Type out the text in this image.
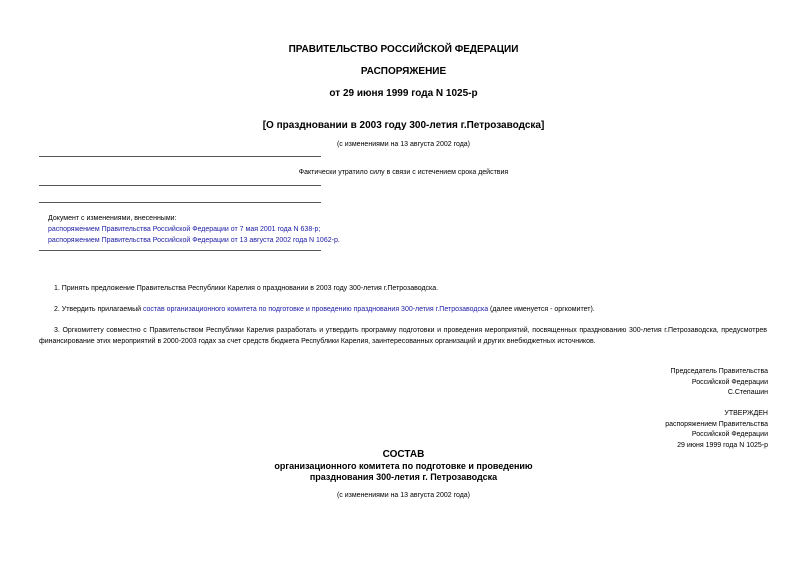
ПРАВИТЕЛЬСТВО РОССИЙСКОЙ ФЕДЕРАЦИИ
РАСПОРЯЖЕНИЕ
от 29 июня 1999 года N 1025-р
[О праздновании в 2003 году 300-летия г.Петрозаводска]
(с изменениями на 13 августа 2002 года)
Фактически утратило силу в связи с истечением срока действия
Документ с изменениями, внесенными:
распоряжением Правительства Российской Федерации от 7 мая 2001 года N 638-р;
распоряжением Правительства Российской Федерации от 13 августа 2002 года N 1062-р.
1. Принять предложение Правительства Республики Карелия о праздновании в 2003 году 300-летия г.Петрозаводска.
2. Утвердить прилагаемый состав организационного комитета по подготовке и проведению празднования 300-летия г.Петрозаводска (далее именуется - оргкомитет).
3. Оргкомитету совместно с Правительством Республики Карелия разработать и утвердить программу подготовки и проведения мероприятий, посвященных празднованию 300-летия г.Петрозаводска, предусмотрев финансирование этих мероприятий в 2000-2003 годах за счет средств бюджета Республики Карелия, заинтересованных организаций и других внебюджетных источников.
Председатель Правительства
Российской Федерации
С.Степашин
УТВЕРЖДЕН
распоряжением Правительства
Российской Федерации
29 июня 1999 года N 1025-р
СОСТАВ
организационного комитета по подготовке и проведению
празднования 300-летия г. Петрозаводска
(с изменениями на 13 августа 2002 года)
